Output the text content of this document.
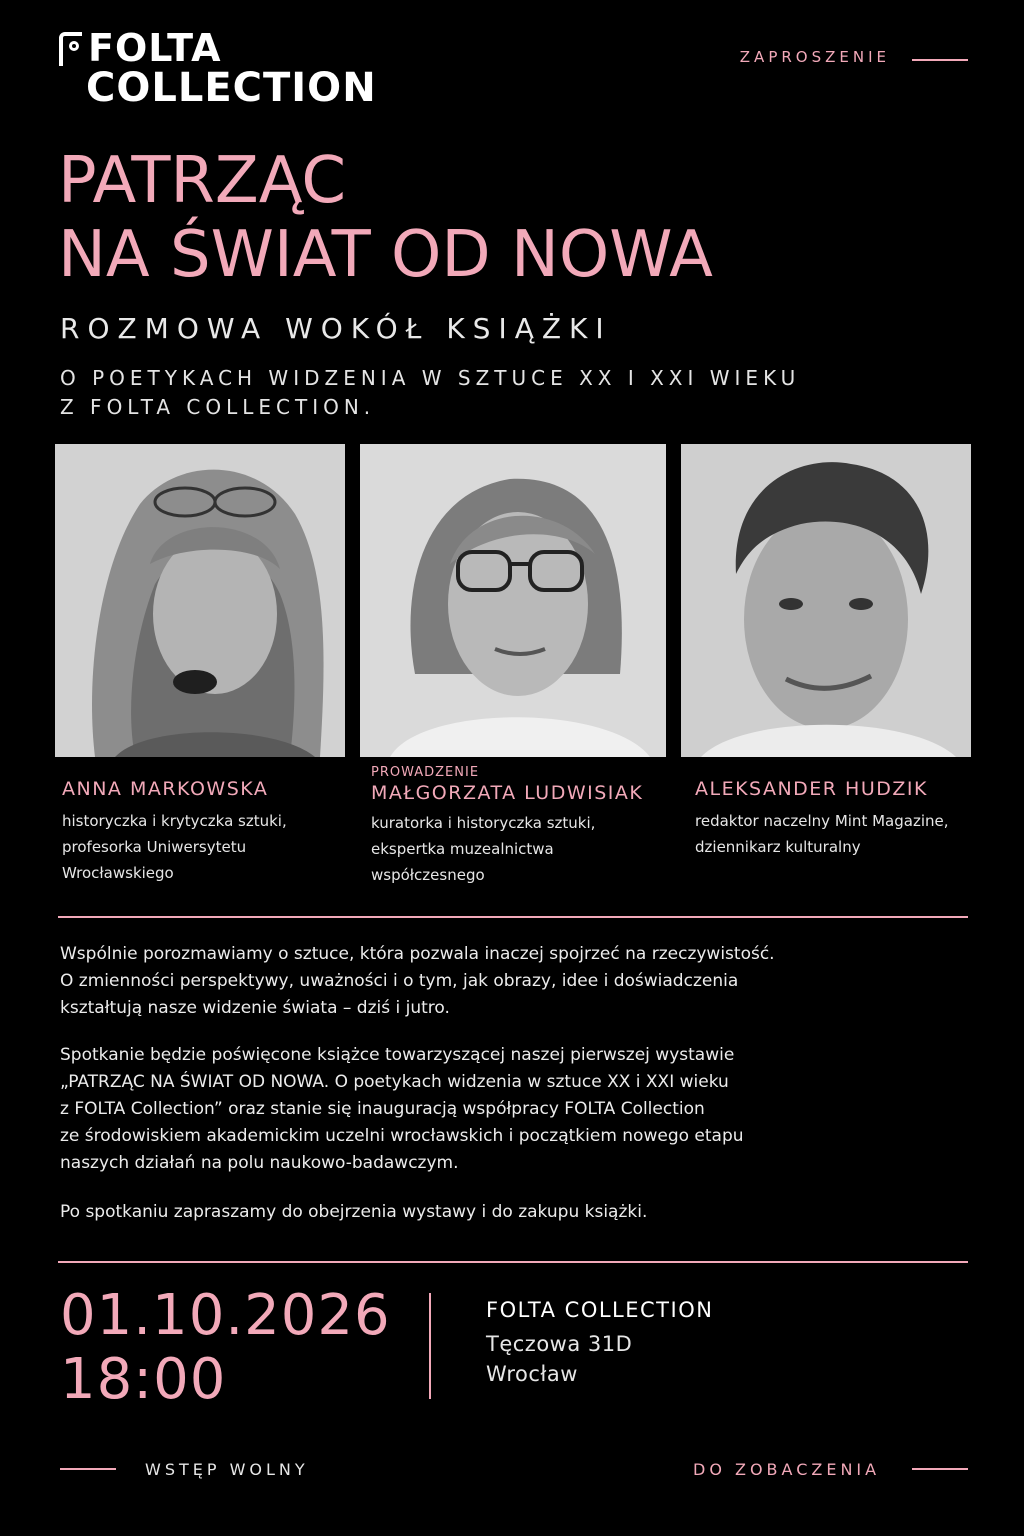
FOLTA
COLLECTION
ZAPROSZENIE
PATRZĄC
NA ŚWIAT OD NOWA
ROZMOWA WOKÓŁ KSIĄŻKI
O POETYKACH WIDZENIA W SZTUCE XX I XXI WIEKU
Z FOLTA COLLECTION.
ANNA MARKOWSKA
historyczka i krytyczka sztuki,
profesorka Uniwersytetu
Wrocławskiego
PROWADZENIE
MAŁGORZATA LUDWISIAK
kuratorka i historyczka sztuki,
ekspertka muzealnictwa
współczesnego
ALEKSANDER HUDZIK
redaktor naczelny Mint Magazine,
dziennikarz kulturalny
Wspólnie porozmawiamy o sztuce, która pozwala inaczej spojrzeć na rzeczywistość.
O zmienności perspektywy, uważności i o tym, jak obrazy, idee i doświadczenia
kształtują nasze widzenie świata – dziś i jutro.
Spotkanie będzie poświęcone książce towarzyszącej naszej pierwszej wystawie
„PATRZĄC NA ŚWIAT OD NOWA. O poetykach widzenia w sztuce XX i XXI wieku
z FOLTA Collection” oraz stanie się inauguracją współpracy FOLTA Collection
ze środowiskiem akademickim uczelni wrocławskich i początkiem nowego etapu
naszych działań na polu naukowo-badawczym.
Po spotkaniu zapraszamy do obejrzenia wystawy i do zakupu książki.
01.10.2026
18:00
FOLTA COLLECTION
Tęczowa 31D
Wrocław
WSTĘP WOLNY	DO ZOBACZENIA
